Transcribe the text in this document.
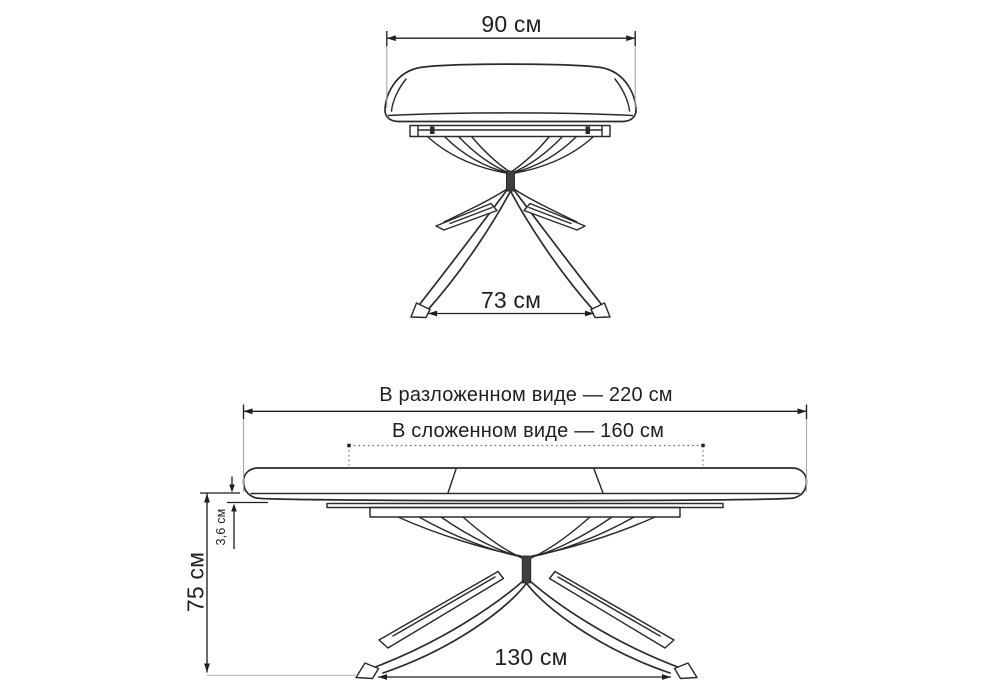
90 см
73 см
В разложенном виде — 220 см
В сложенном виде — 160 см
3,6 см
75 см
130 см
